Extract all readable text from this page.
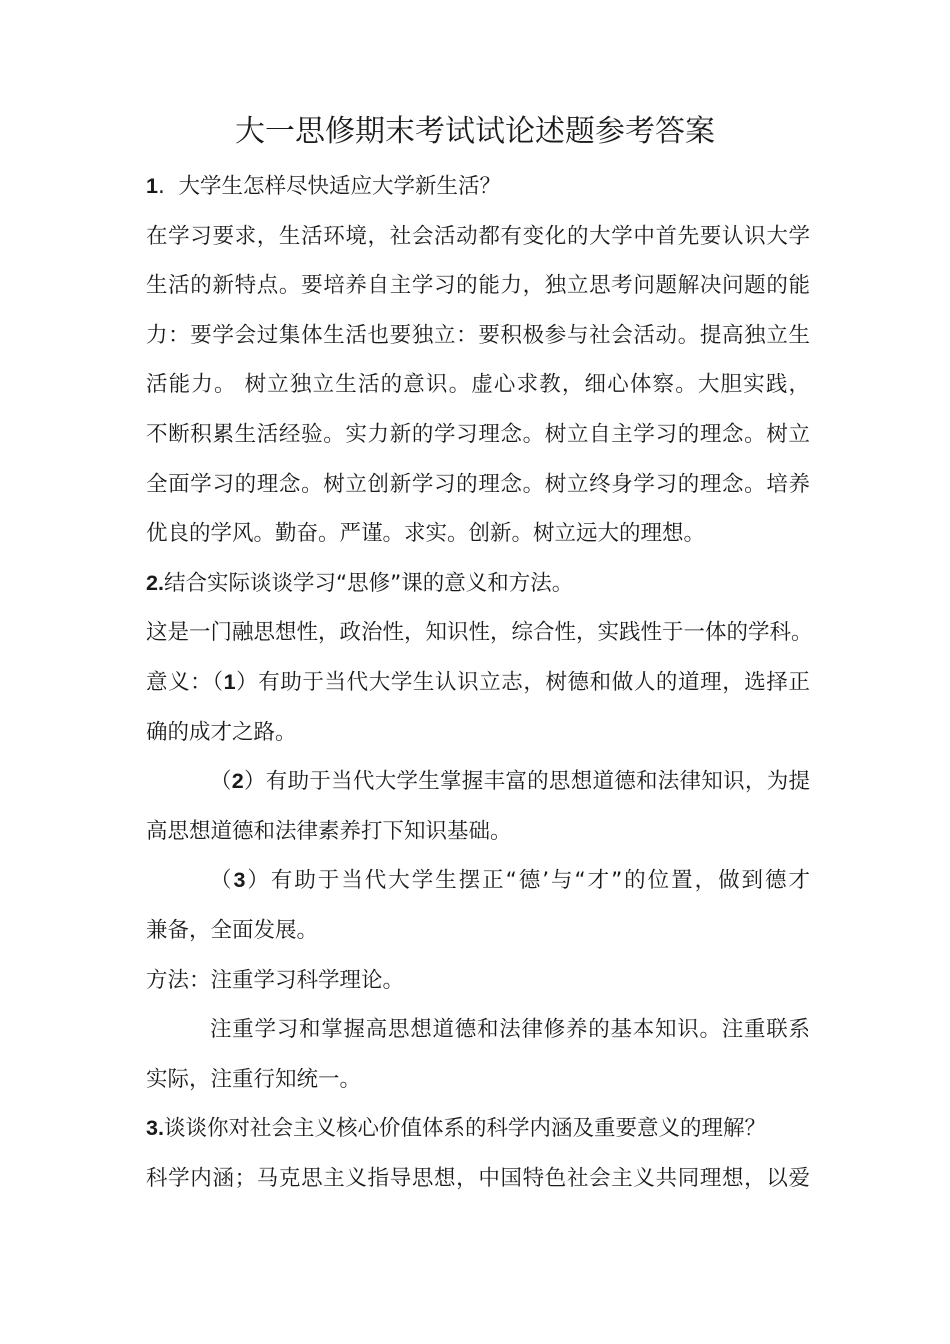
大一思修期末考试试论述题参考答案
1. 大学生怎样尽快适应大学新生活？
在学习要求，生活环境，社会活动都有变化的大学中首先要认识大学
生活的新特点。要培养自主学习的能力，独立思考问题解决问题的能
力：要学会过集体生活也要独立：要积极参与社会活动。提高独立生
活能力。 树立独立生活的意识。虚心求教，细心体察。大胆实践，
不断积累生活经验。实力新的学习理念。树立自主学习的理念。树立
全面学习的理念。树立创新学习的理念。树立终身学习的理念。培养
优良的学风。勤奋。严谨。求实。创新。树立远大的理想。
2.结合实际谈谈学习“思修”课的意义和方法。
这是一门融思想性，政治性，知识性，综合性，实践性于一体的学科。
意义：（1）有助于当代大学生认识立志，树德和做人的道理，选择正
确的成才之路。
（2）有助于当代大学生掌握丰富的思想道德和法律知识，为提
高思想道德和法律素养打下知识基础。
（3）有助于当代大学生摆正“德’与“才”的位置，做到德才
兼备，全面发展。
方法：注重学习科学理论。
注重学习和掌握高思想道德和法律修养的基本知识。注重联系
实际，注重行知统一。
3.谈谈你对社会主义核心价值体系的科学内涵及重要意义的理解？
科学内涵；马克思主义指导思想，中国特色社会主义共同理想，以爱
